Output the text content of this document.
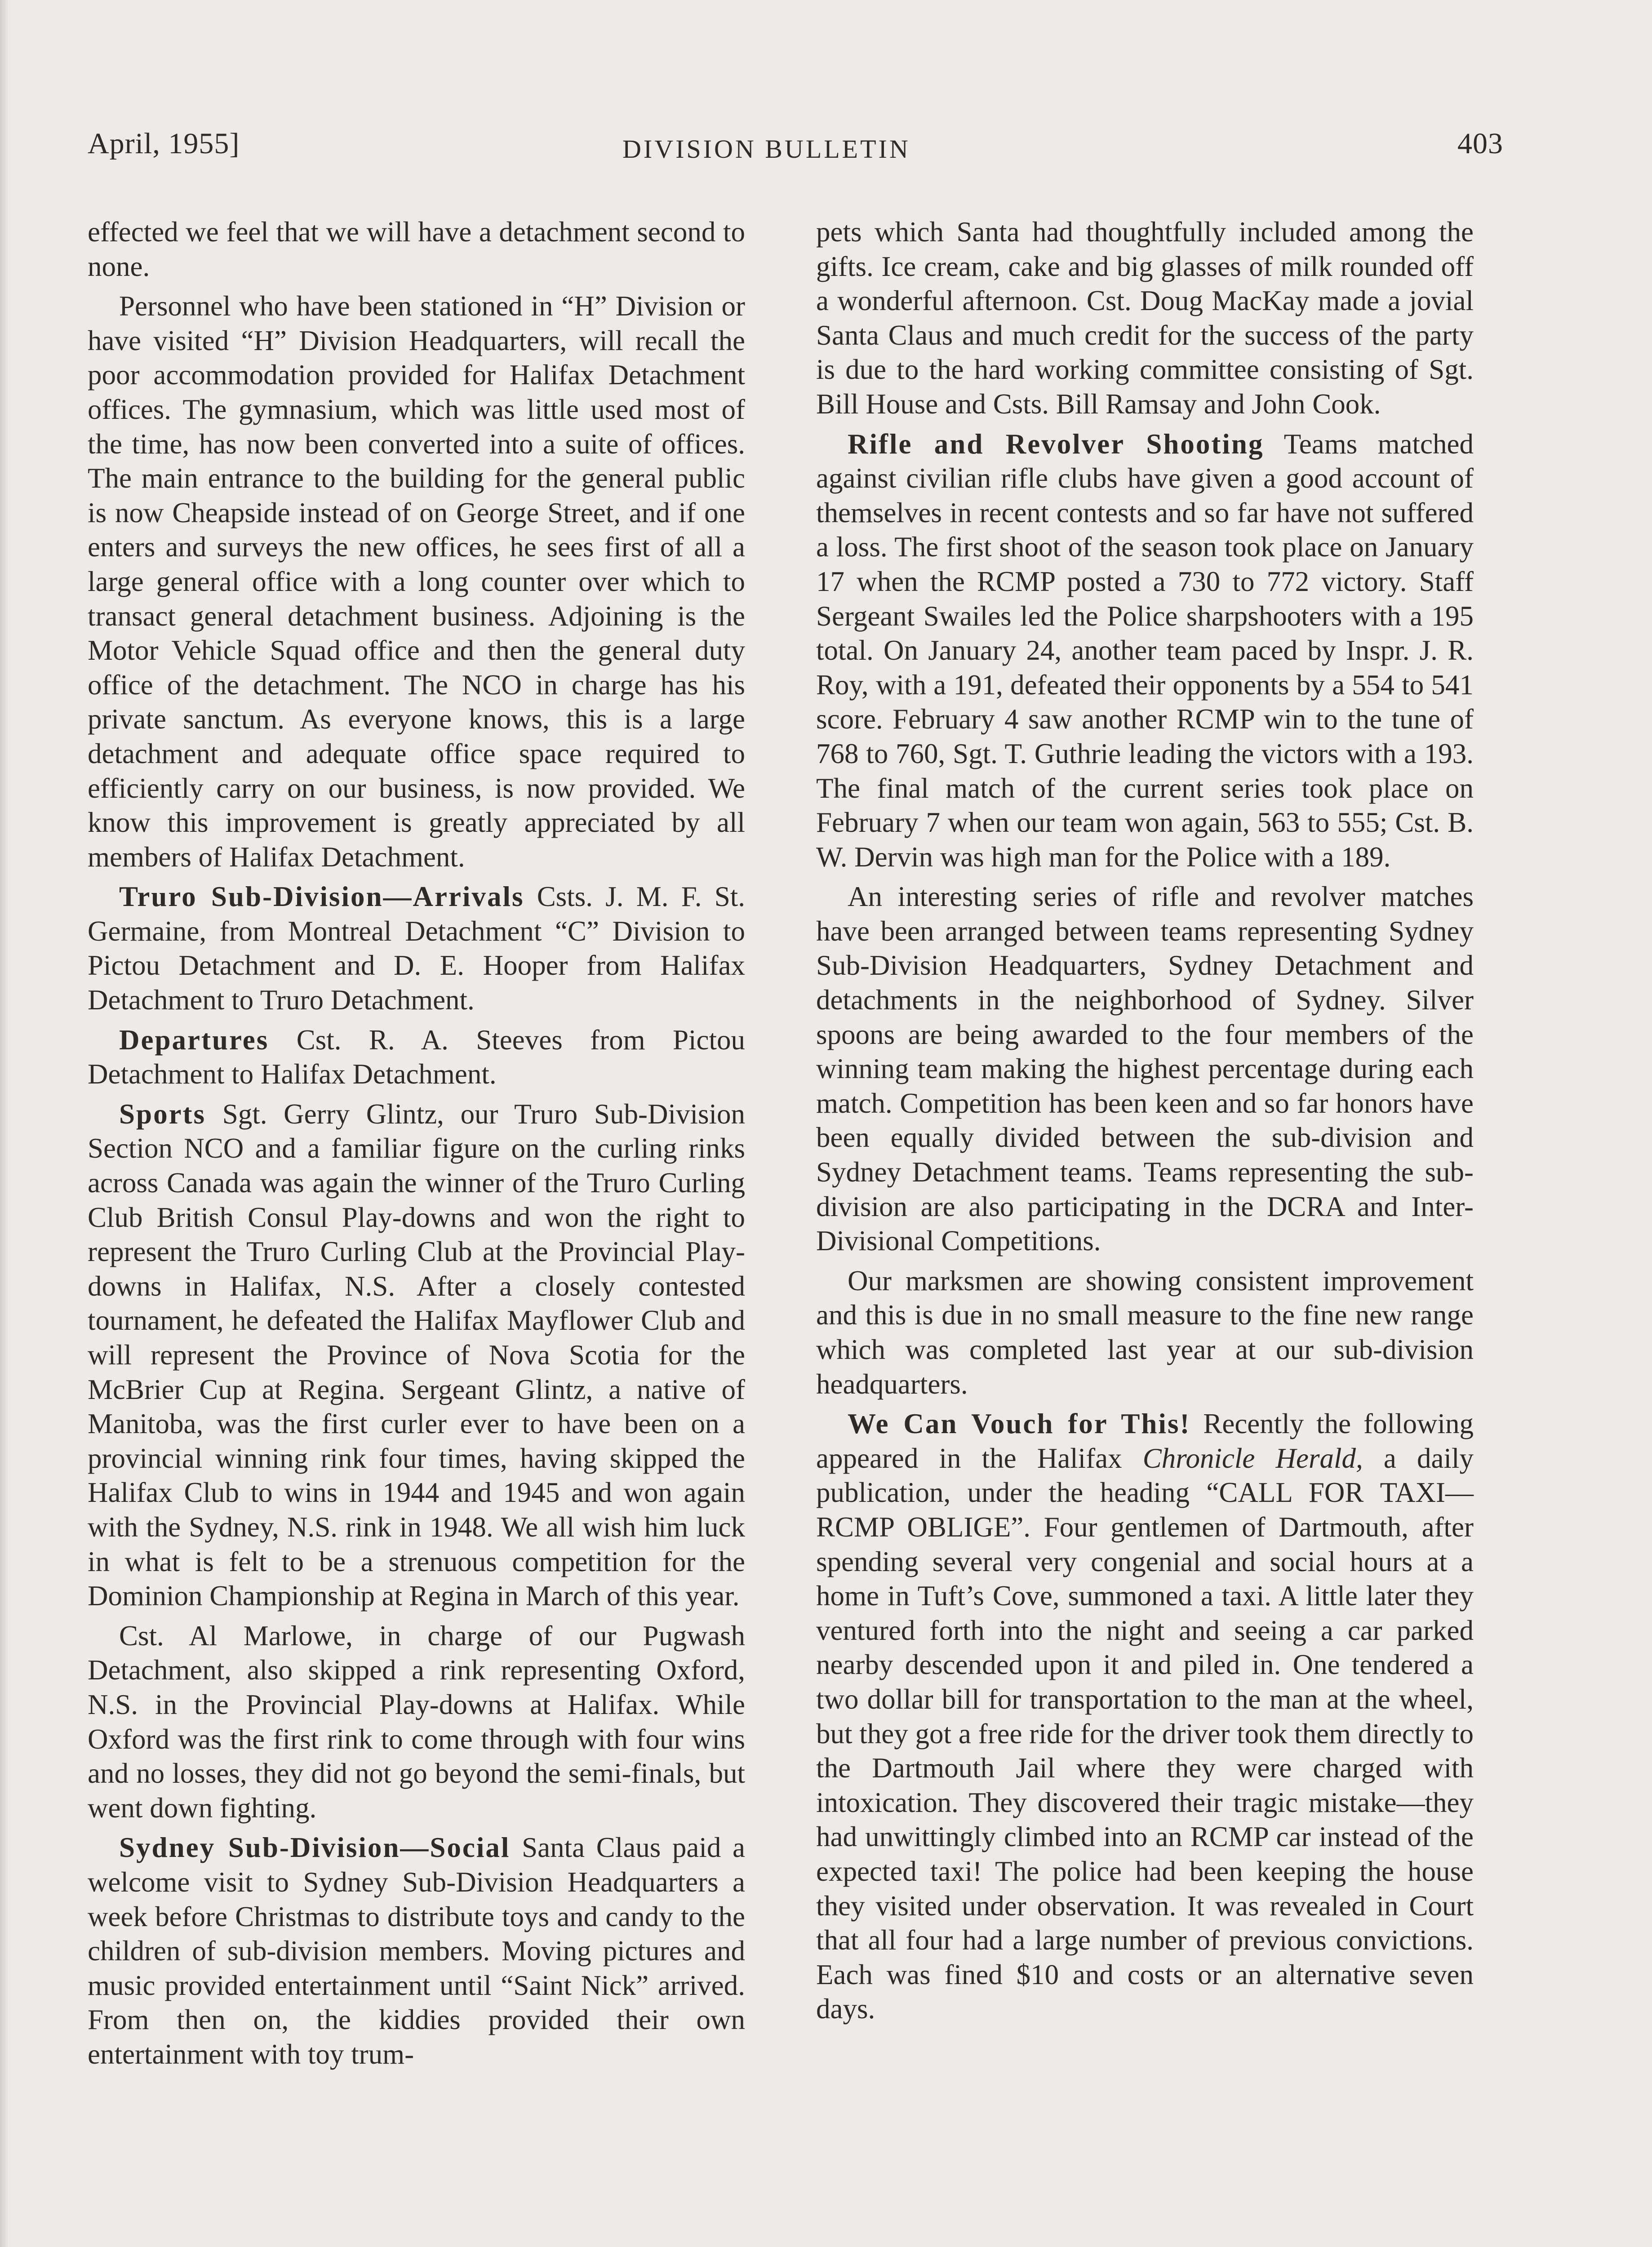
April, 1955]	DIVISION BULLETIN	403

effected we feel that we will have a detachment second to none.

Personnel who have been stationed in “H” Division or have visited “H” Division Headquarters, will recall the poor accommodation provided for Halifax Detachment offices. The gymnasium, which was little used most of the time, has now been converted into a suite of offices. The main entrance to the building for the general public is now Cheapside instead of on George Street, and if one enters and surveys the new offices, he sees first of all a large general office with a long counter over which to transact general detachment business. Adjoining is the Motor Vehicle Squad office and then the general duty office of the detachment. The NCO in charge has his private sanctum. As everyone knows, this is a large detachment and adequate office space required to efficiently carry on our business, is now provided. We know this improvement is greatly appreciated by all members of Halifax Detachment.

Truro Sub-Division—Arrivals Csts. J. M. F. St. Germaine, from Montreal Detachment “C” Division to Pictou Detachment and D. E. Hooper from Halifax Detachment to Truro Detachment.

Departures Cst. R. A. Steeves from Pictou Detachment to Halifax Detachment.

Sports Sgt. Gerry Glintz, our Truro Sub-Division Section NCO and a familiar figure on the curling rinks across Canada was again the winner of the Truro Curling Club British Consul Play-downs and won the right to represent the Truro Curling Club at the Provincial Play-downs in Halifax, N.S. After a closely contested tournament, he defeated the Halifax Mayflower Club and will represent the Province of Nova Scotia for the McBrier Cup at Regina. Sergeant Glintz, a native of Manitoba, was the first curler ever to have been on a provincial winning rink four times, having skipped the Halifax Club to wins in 1944 and 1945 and won again with the Sydney, N.S. rink in 1948. We all wish him luck in what is felt to be a strenuous competition for the Dominion Championship at Regina in March of this year.

Cst. Al Marlowe, in charge of our Pugwash Detachment, also skipped a rink representing Oxford, N.S. in the Provincial Play-downs at Halifax. While Oxford was the first rink to come through with four wins and no losses, they did not go beyond the semi-finals, but went down fighting.

Sydney Sub-Division—Social Santa Claus paid a welcome visit to Sydney Sub-Division Headquarters a week before Christmas to distribute toys and candy to the children of sub-division members. Moving pictures and music provided entertainment until “Saint Nick” arrived. From then on, the kiddies provided their own entertainment with toy trum-

pets which Santa had thoughtfully included among the gifts. Ice cream, cake and big glasses of milk rounded off a wonderful afternoon. Cst. Doug MacKay made a jovial Santa Claus and much credit for the success of the party is due to the hard working committee consisting of Sgt. Bill House and Csts. Bill Ramsay and John Cook.

Rifle and Revolver Shooting Teams matched against civilian rifle clubs have given a good account of themselves in recent contests and so far have not suffered a loss. The first shoot of the season took place on January 17 when the RCMP posted a 730 to 772 victory. Staff Sergeant Swailes led the Police sharpshooters with a 195 total. On January 24, another team paced by Inspr. J. R. Roy, with a 191, defeated their opponents by a 554 to 541 score. February 4 saw another RCMP win to the tune of 768 to 760, Sgt. T. Guthrie leading the victors with a 193. The final match of the current series took place on February 7 when our team won again, 563 to 555; Cst. B. W. Dervin was high man for the Police with a 189.

An interesting series of rifle and revolver matches have been arranged between teams representing Sydney Sub-Division Headquarters, Sydney Detachment and detachments in the neighborhood of Sydney. Silver spoons are being awarded to the four members of the winning team making the highest percentage during each match. Competition has been keen and so far honors have been equally divided between the sub-division and Sydney Detachment teams. Teams representing the sub-division are also participating in the DCRA and Inter-Divisional Competitions.

Our marksmen are showing consistent improvement and this is due in no small measure to the fine new range which was completed last year at our sub-division headquarters.

We Can Vouch for This! Recently the following appeared in the Halifax Chronicle Herald, a daily publication, under the heading “CALL FOR TAXI—RCMP OBLIGE”. Four gentlemen of Dartmouth, after spending several very congenial and social hours at a home in Tuft’s Cove, summoned a taxi. A little later they ventured forth into the night and seeing a car parked nearby descended upon it and piled in. One tendered a two dollar bill for transportation to the man at the wheel, but they got a free ride for the driver took them directly to the Dartmouth Jail where they were charged with intoxication. They discovered their tragic mistake—they had unwittingly climbed into an RCMP car instead of the expected taxi! The police had been keeping the house they visited under observation. It was revealed in Court that all four had a large number of previous convictions. Each was fined $10 and costs or an alternative seven days.
